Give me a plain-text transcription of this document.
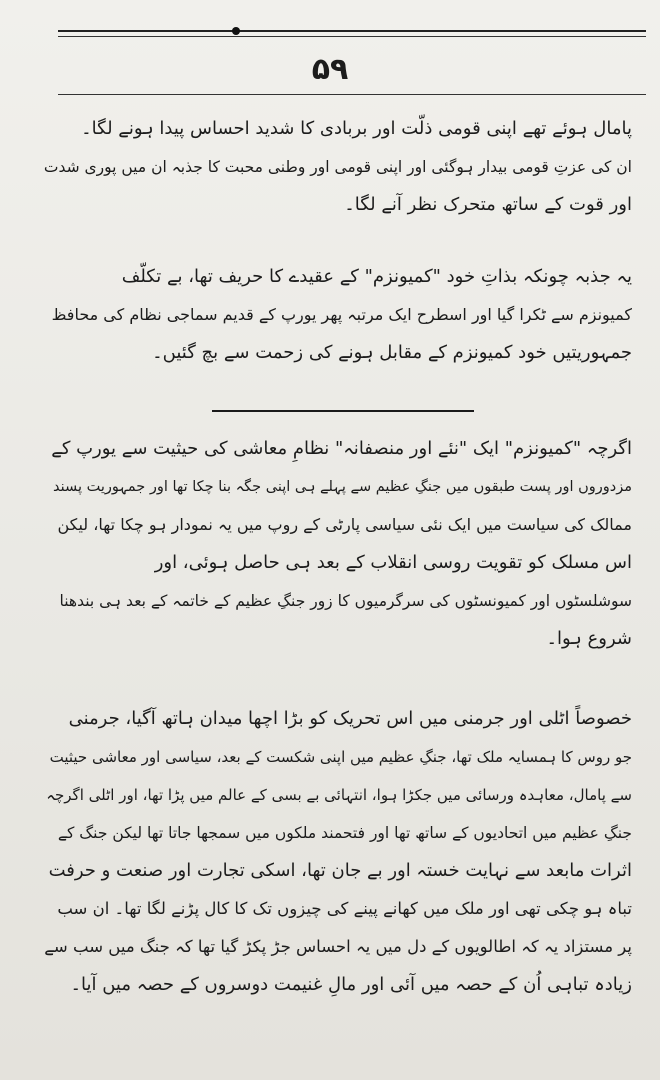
۵۹
پامال ہوئے تھے اپنی قومی ذلّت اور بربادی کا شدید احساس پیدا ہونے لگا۔
ان کی عزتِ قومی بیدار ہوگئی اور اپنی قومی اور وطنی محبت کا جذبہ ان میں پوری شدت
اور قوت کے ساتھ متحرک نظر آنے لگا۔
یہ جذبہ چونکہ بذاتِ خود "کمیونزم" کے عقیدے کا حریف تھا، بے تکلّف
کمیونزم سے ٹکرا گیا اور اسطرح ایک مرتبہ پھر یورپ کے قدیم سماجی نظام کی محافظ
جمہوریتیں خود کمیونزم کے مقابل ہونے کی زحمت سے بچ گئیں۔
اگرچہ "کمیونزم" ایک "نئے اور منصفانہ" نظامِ معاشی کی حیثیت سے یورپ کے
مزدوروں اور پست طبقوں میں جنگِ عظیم سے پہلے ہی اپنی جگہ بنا چکا تھا اور جمہوریت پسند
ممالک کی سیاست میں ایک نئی سیاسی پارٹی کے روپ میں یہ نمودار ہو چکا تھا، لیکن
اس مسلک کو تقویت روسی انقلاب کے بعد ہی حاصل ہوئی، اور
سوشلسٹوں اور کمیونسٹوں کی سرگرمیوں کا زور جنگِ عظیم کے خاتمہ کے بعد ہی بندھنا
شروع ہوا۔
خصوصاً اٹلی اور جرمنی میں اس تحریک کو بڑا اچھا میدان ہاتھ آگیا، جرمنی
جو روس کا ہمسایہ ملک تھا، جنگِ عظیم میں اپنی شکست کے بعد، سیاسی اور معاشی حیثیت
سے پامال، معاہدہ ورسائی میں جکڑا ہوا، انتہائی بے بسی کے عالم میں پڑا تھا، اور اٹلی اگرچہ
جنگِ عظیم میں اتحادیوں کے ساتھ تھا اور فتحمند ملکوں میں سمجھا جاتا تھا لیکن جنگ کے
اثرات مابعد سے نہایت خستہ اور بے جان تھا، اسکی تجارت اور صنعت و حرفت
تباہ ہو چکی تھی اور ملک میں کھانے پینے کی چیزوں تک کا کال پڑنے لگا تھا۔ ان سب
پر مستزاد یہ کہ اطالویوں کے دل میں یہ احساس جڑ پکڑ گیا تھا کہ جنگ میں سب سے
زیادہ تباہی اُن کے حصہ میں آئی اور مالِ غنیمت دوسروں کے حصہ میں آیا۔
